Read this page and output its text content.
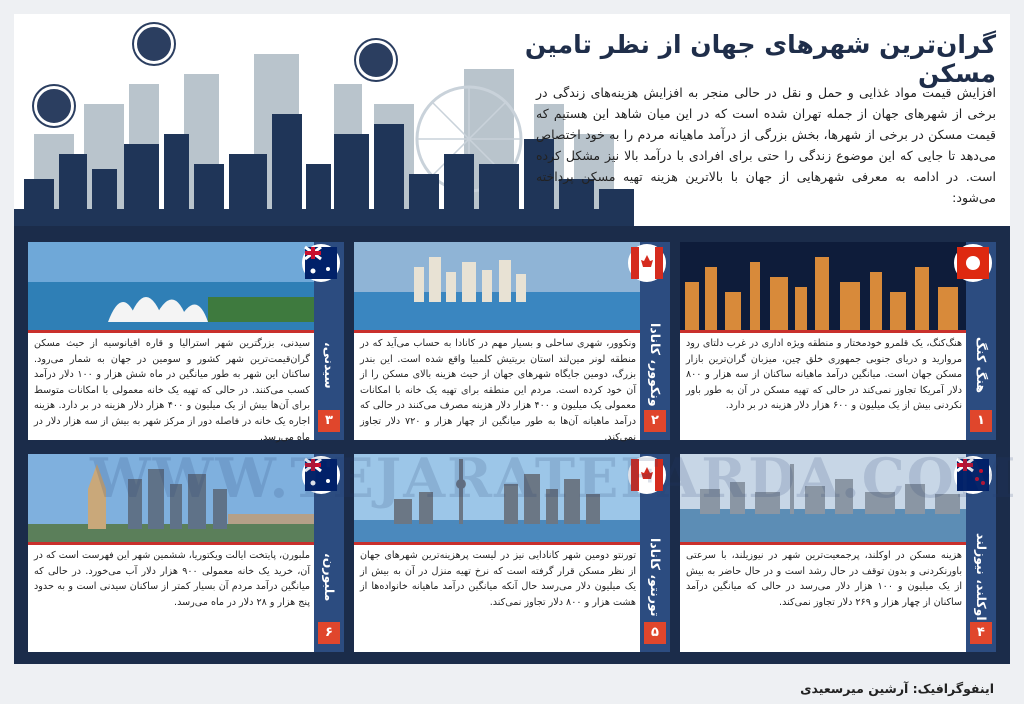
گران‌ترین شهرهای جهان از نظر تامین مسکن
افزایش قیمت مواد غذایی و حمل و نقل در حالی منجر به افزایش هزینه‌های زندگی در برخی از شهرهای جهان از جمله تهران شده است که در این میان شاهد این هستیم که قیمت مسکن در برخی از شهرها، بخش بزرگی از درآمد ماهیانه مردم را به خود اختصاص می‌دهد تا جایی که این موضوع زندگی را حتی برای افرادی با درآمد بالا نیز مشکل کرده است. در ادامه به معرفی شهرهایی از جهان با بالاترین هزینه تهیه مسکن پرداخته می‌شود:
هنگ کنگ
هنگ‌کنگ، یک قلمرو خودمختار و منطقه ویژه اداری در غرب دلتای رود مروارید و دریای جنوبی جمهوری خلق چین، میزبان گران‌ترین بازار مسکن جهان است. میانگین درآمد ماهیانه ساکنان از سه هزار و ۸۰۰ دلار آمریکا تجاوز نمی‌کند در حالی که تهیه مسکن در آن به طور باور نکردنی بیش از یک میلیون و ۶۰۰ هزار دلار هزینه در بر دارد.
۱
ونکوور، کانادا
ونکوور، شهری ساحلی و بسیار مهم در کانادا به حساب می‌آید که در منطقه لونر مین‌لند استان بریتیش کلمبیا واقع شده است. این بندر بزرگ، دومین جایگاه شهرهای جهان از حیث هزینه بالای مسکن را از آن خود کرده است. مردم این منطقه برای تهیه یک خانه با امکانات معمولی یک میلیون و ۴۰۰ هزار دلار هزینه مصرف می‌کنند در حالی که درآمد ماهیانه آن‌ها به طور میانگین از چهار هزار و ۷۲۰ دلار تجاوز نمی‌کند.
۲
سیدنی، استرالیا
سیدنی، بزرگترین شهر استرالیا و قاره اقیانوسیه از حیث مسکن گران‌قیمت‌ترین شهر کشور و سومین در جهان به شمار می‌رود. ساکنان این شهر به طور میانگین در ماه شش هزار و ۱۰۰ دلار درآمد کسب می‌کنند. در حالی که تهیه یک خانه معمولی با امکانات متوسط برای آن‌ها بیش از یک میلیون و ۴۰۰ هزار دلار هزینه در بر دارد. هزینه اجاره یک خانه در فاصله دور از مرکز شهر به بیش از سه هزار دلار در ماه می‌رسد.
۳
اوکلند، نیوزلند
هزینه مسکن در اوکلند، پرجمعیت‌ترین شهر در نیوزیلند، با سرعتی باورنکردنی و بدون توقف در حال رشد است و در حال حاضر به بیش از یک میلیون و ۱۰۰ هزار دلار می‌رسد در حالی که میانگین درآمد ساکنان از چهار هزار و ۲۶۹ دلار تجاوز نمی‌کند.
۴
تورنتو، کانادا
تورنتو دومین شهر کانادایی نیز در لیست پرهزینه‌ترین شهرهای جهان از نظر مسکن قرار گرفته است که نرخ تهیه منزل در آن به بیش از یک میلیون دلار می‌رسد حال آنکه میانگین درآمد ماهیانه خانواده‌ها از هشت هزار و ۸۰۰ دلار تجاوز نمی‌کند.
۵
ملبورن، استرالیا
ملبورن، پایتخت ایالت ویکتوریا، ششمین شهر این فهرست است که در آن، خرید یک خانه معمولی ۹۰۰ هزار دلار آب می‌خورد. در حالی که میانگین درآمد مردم آن بسیار کمتر از ساکنان سیدنی است و به حدود پنج هزار و ۲۸ دلار در ماه می‌رسد.
۶
WWW.TEJARATEFARDA.COM
اینفوگرافیک: آرشین میرسعیدی
